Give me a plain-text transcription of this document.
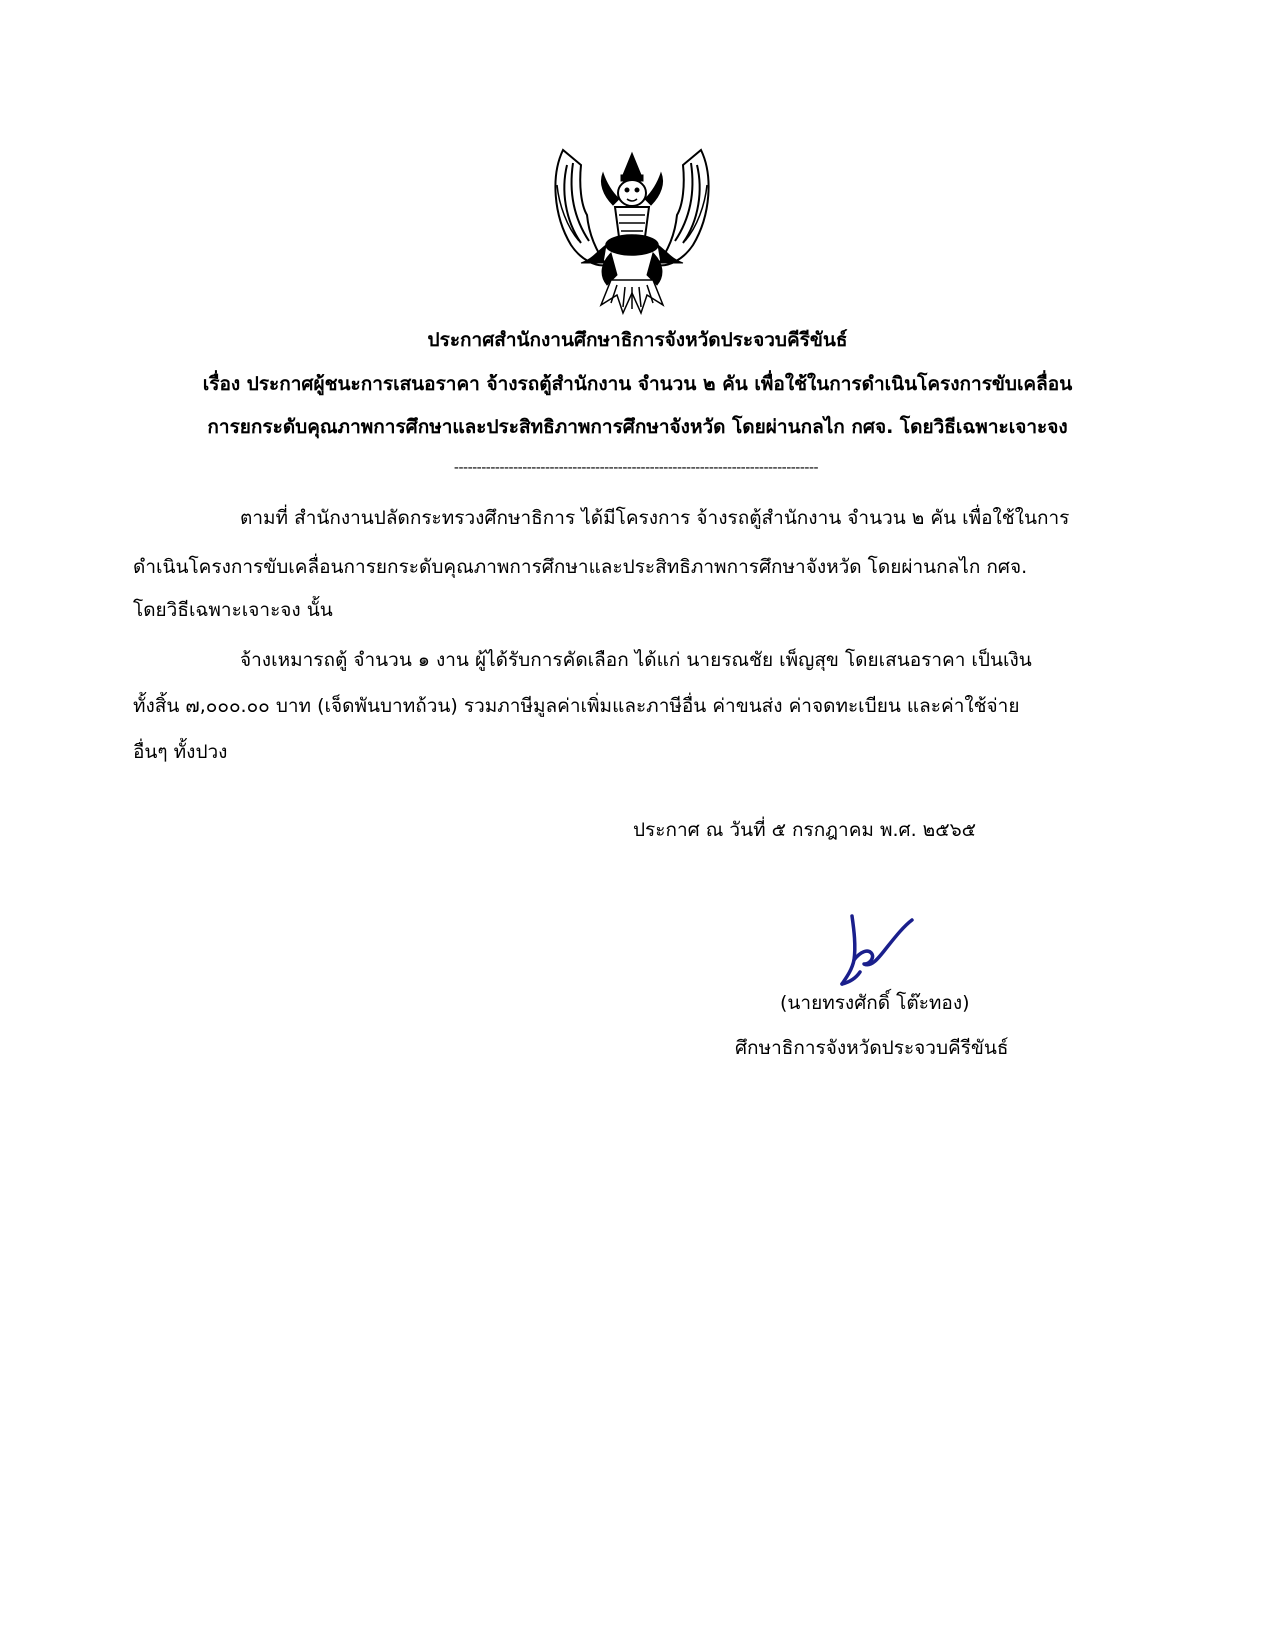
ประกาศสำนักงานศึกษาธิการจังหวัดประจวบคีรีขันธ์
เรื่อง ประกาศผู้ชนะการเสนอราคา จ้างรถตู้สำนักงาน จำนวน ๒ คัน เพื่อใช้ในการดำเนินโครงการขับเคลื่อน
การยกระดับคุณภาพการศึกษาและประสิทธิภาพการศึกษาจังหวัด โดยผ่านกลไก กศจ. โดยวิธีเฉพาะเจาะจง
--------------------------------------------------------------------------------
ตามที่ สำนักงานปลัดกระทรวงศึกษาธิการ ได้มีโครงการ จ้างรถตู้สำนักงาน จำนวน ๒ คัน เพื่อใช้ในการ
ดำเนินโครงการขับเคลื่อนการยกระดับคุณภาพการศึกษาและประสิทธิภาพการศึกษาจังหวัด โดยผ่านกลไก กศจ.
โดยวิธีเฉพาะเจาะจง นั้น
จ้างเหมารถตู้ จำนวน ๑ งาน ผู้ได้รับการคัดเลือก ได้แก่ นายรณชัย เพ็ญสุข โดยเสนอราคา เป็นเงิน
ทั้งสิ้น ๗,๐๐๐.๐๐ บาท (เจ็ดพันบาทถ้วน) รวมภาษีมูลค่าเพิ่มและภาษีอื่น ค่าขนส่ง ค่าจดทะเบียน และค่าใช้จ่าย
อื่นๆ ทั้งปวง
ประกาศ ณ วันที่ ๕ กรกฎาคม พ.ศ. ๒๕๖๕
(นายทรงศักดิ์ โต๊ะทอง)
ศึกษาธิการจังหวัดประจวบคีรีขันธ์
